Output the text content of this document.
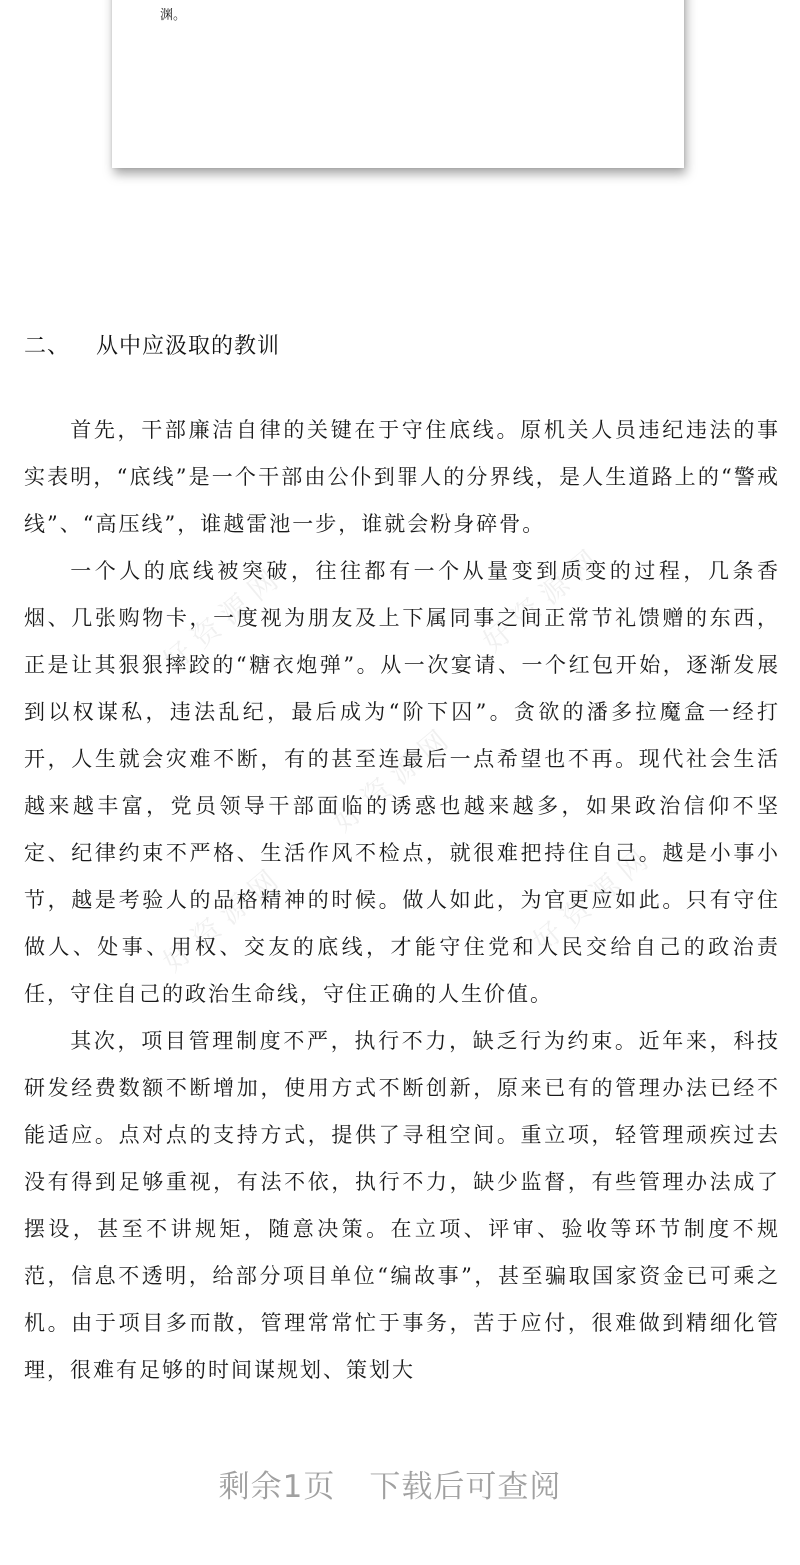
渊。
好 资 源 网	好 资 源 网
好 资 源 网
好 资 源 网	好 资 源 网
二、 从中应汲取的教训

首先，干部廉洁自律的关键在于守住底线。原机关人员违纪违法的事实表明，“底线”是一个干部由公仆到罪人的分界线，是人生道路上的“警戒线”、“高压线”，谁越雷池一步，谁就会粉身碎骨。

一个人的底线被突破，往往都有一个从量变到质变的过程，几条香烟、几张购物卡，一度视为朋友及上下属同事之间正常节礼馈赠的东西，正是让其狠狠摔跤的“糖衣炮弹”。从一次宴请、一个红包开始，逐渐发展到以权谋私，违法乱纪，最后成为“阶下囚”。贪欲的潘多拉魔盒一经打开，人生就会灾难不断，有的甚至连最后一点希望也不再。现代社会生活越来越丰富，党员领导干部面临的诱惑也越来越多，如果政治信仰不坚定、纪律约束不严格、生活作风不检点，就很难把持住自己。越是小事小节，越是考验人的品格精神的时候。做人如此，为官更应如此。只有守住做人、处事、用权、交友的底线，才能守住党和人民交给自己的政治责任，守住自己的政治生命线，守住正确的人生价值。

其次，项目管理制度不严，执行不力，缺乏行为约束。近年来，科技研发经费数额不断增加，使用方式不断创新，原来已有的管理办法已经不能适应。点对点的支持方式，提供了寻租空间。重立项，轻管理顽疾过去没有得到足够重视，有法不依，执行不力，缺少监督，有些管理办法成了摆设，甚至不讲规矩，随意决策。在立项、评审、验收等环节制度不规范，信息不透明，给部分项目单位“编故事”，甚至骗取国家资金已可乘之机。由于项目多而散，管理常常忙于事务，苦于应付，很难做到精细化管理，很难有足够的时间谋规划、策划大

剩余1页 下载后可查阅
